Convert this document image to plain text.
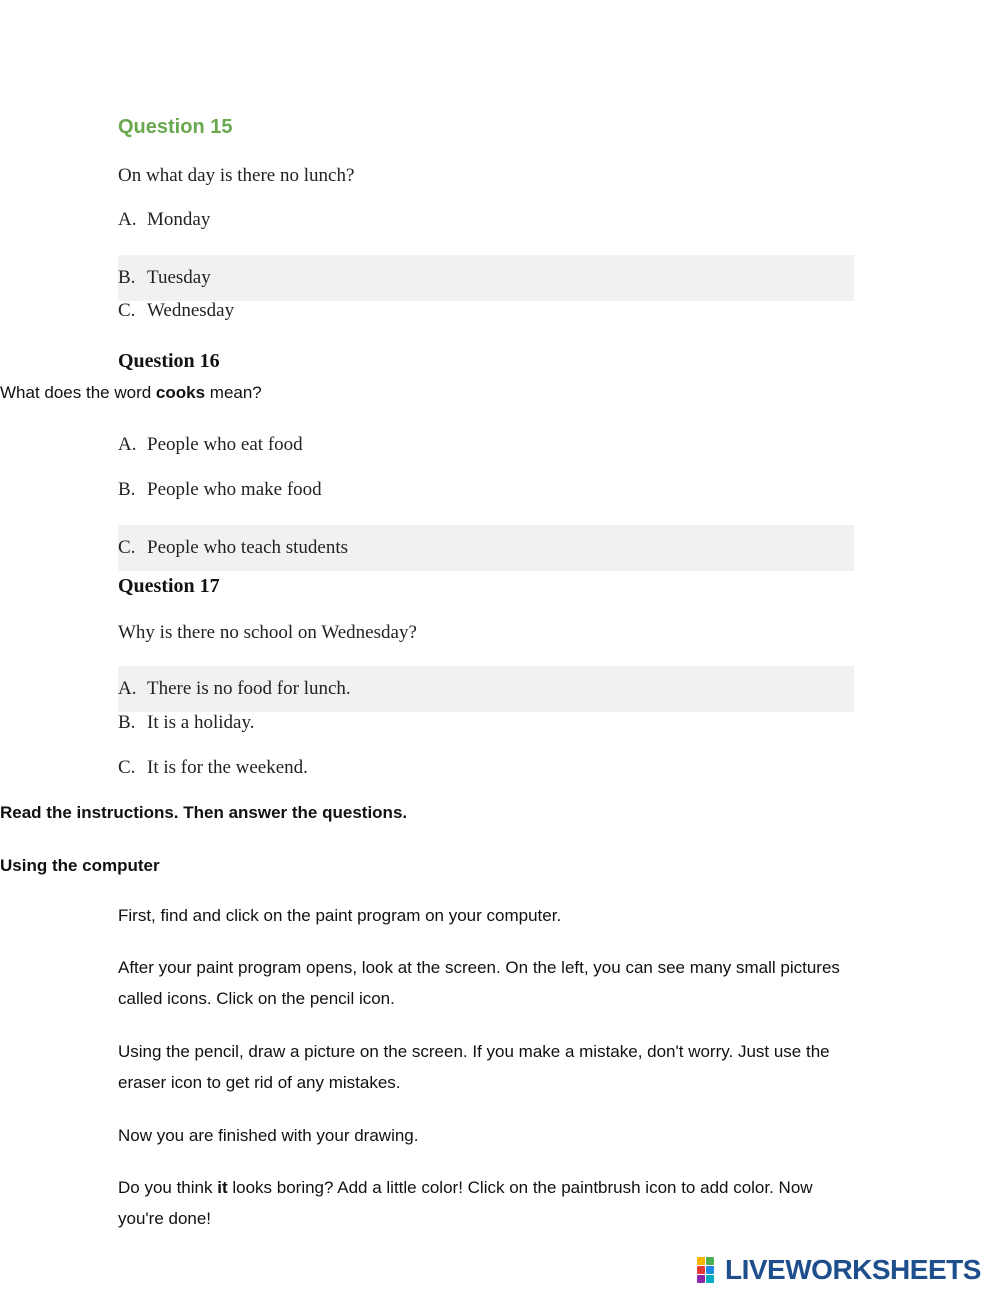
Question 15
On what day is there no lunch?
A. Monday
B. Tuesday
C. Wednesday
Question 16
What does the word cooks mean?
A. People who eat food
B. People who make food
C. People who teach students
Question 17
Why is there no school on Wednesday?
A. There is no food for lunch.
B. It is a holiday.
C. It is for the weekend.
Read the instructions. Then answer the questions.
Using the computer
First, find and click on the paint program on your computer.
After your paint program opens, look at the screen. On the left, you can see many small pictures called icons. Click on the pencil icon.
Using the pencil, draw a picture on the screen. If you make a mistake, don't worry. Just use the eraser icon to get rid of any mistakes.
Now you are finished with your drawing.
Do you think it looks boring? Add a little color! Click on the paintbrush icon to add color. Now you're done!
LIVEWORKSHEETS
